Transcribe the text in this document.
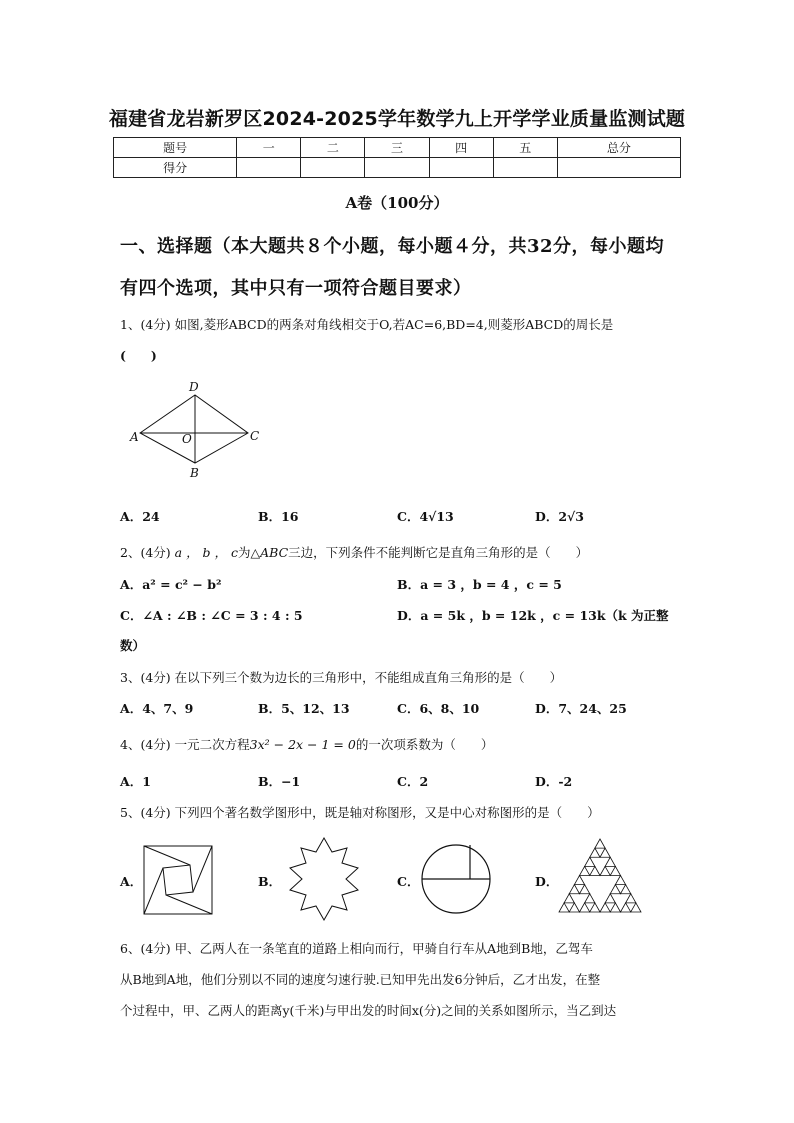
福建省龙岩新罗区2024-2025学年数学九上开学学业质量监测试题
题号	一	二	三	四	五	总分
得分						
A卷（100分）
一、选择题（本大题共８个小题，每小题４分，共32分，每小题均
有四个选项，其中只有一项符合题目要求）
1、(4分) 如图,菱形ABCD的两条对角线相交于O,若AC=6,BD=4,则菱形ABCD的周长是
(　　)
D
A	O	C
B
A．24	B．16	C．4√13	D．2√3
2、(4分) a ， b ， c为△ABC三边，下列条件不能判断它是直角三角形的是（　　）
A．a² = c² − b²	B．a = 3 ，b = 4 ，c = 5
C．∠A : ∠B : ∠C = 3 : 4 : 5	D．a = 5k ，b = 12k ，c = 13k（k 为正整
数）
3、(4分) 在以下列三个数为边长的三角形中，不能组成直角三角形的是（　　）
A．4、7、9	B．5、12、13	C．6、8、10	D．7、24、25
4、(4分) 一元二次方程3x² − 2x − 1 = 0的一次项系数为（　　）
A．1	B．−1	C．2	D．-2
5、(4分) 下列四个著名数学图形中，既是轴对称图形，又是中心对称图形的是（　　）
A．	B．	C．	D．
6、(4分) 甲、乙两人在一条笔直的道路上相向而行，甲骑自行车从A地到B地，乙驾车
从B地到A地，他们分别以不同的速度匀速行驶.已知甲先出发6分钟后，乙才出发，在整
个过程中，甲、乙两人的距离y(千米)与甲出发的时间x(分)之间的关系如图所示，当乙到达
